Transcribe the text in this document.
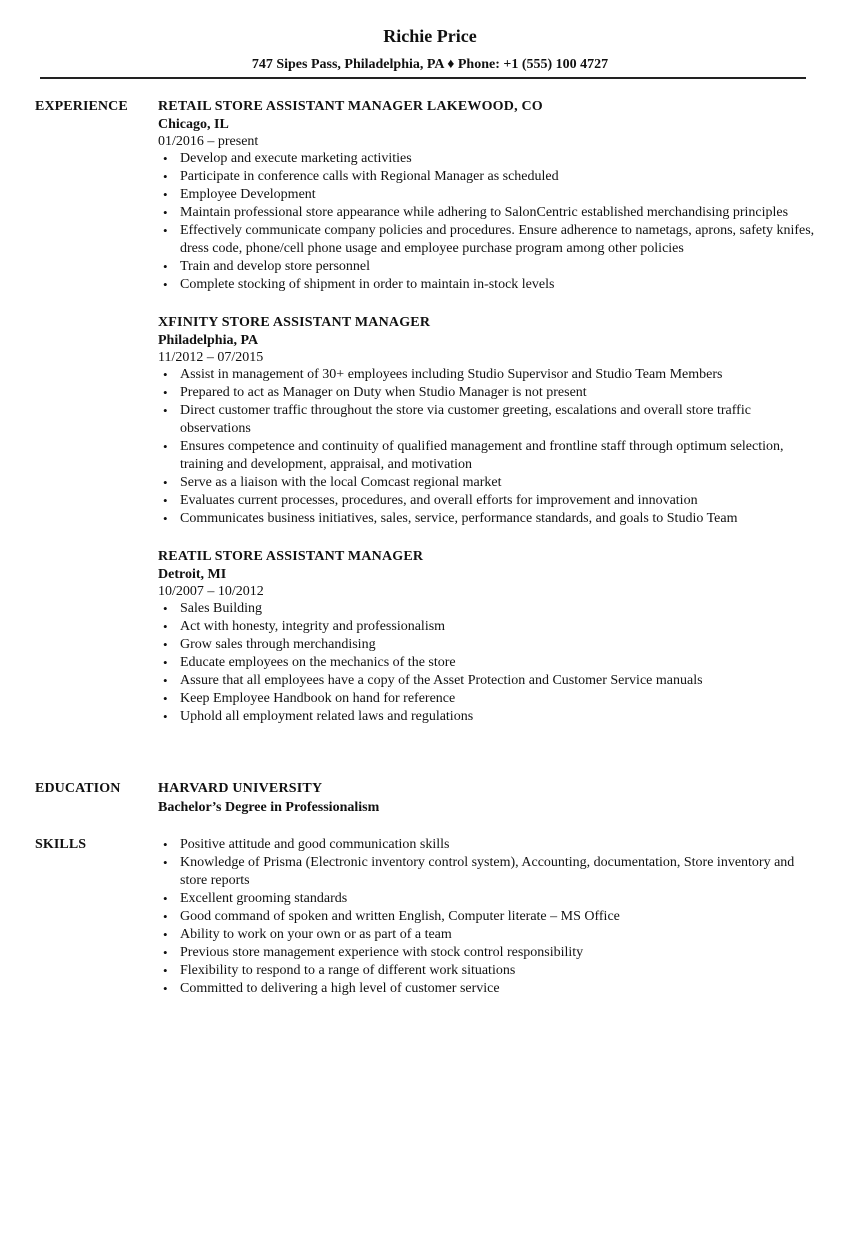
Richie Price
747 Sipes Pass, Philadelphia, PA ♦ Phone: +1 (555) 100 4727
EXPERIENCE RETAIL STORE ASSISTANT MANAGER LAKEWOOD, CO
Chicago, IL
01/2016 – present
• Develop and execute marketing activities
• Participate in conference calls with Regional Manager as scheduled
• Employee Development
• Maintain professional store appearance while adhering to SalonCentric established merchandising principles
• Effectively communicate company policies and procedures. Ensure adherence to nametags, aprons, safety knifes, dress code, phone/cell phone usage and employee purchase program among other policies
• Train and develop store personnel
• Complete stocking of shipment in order to maintain in-stock levels
XFINITY STORE ASSISTANT MANAGER
Philadelphia, PA
11/2012 – 07/2015
• Assist in management of 30+ employees including Studio Supervisor and Studio Team Members
• Prepared to act as Manager on Duty when Studio Manager is not present
• Direct customer traffic throughout the store via customer greeting, escalations and overall store traffic observations
• Ensures competence and continuity of qualified management and frontline staff through optimum selection, training and development, appraisal, and motivation
• Serve as a liaison with the local Comcast regional market
• Evaluates current processes, procedures, and overall efforts for improvement and innovation
• Communicates business initiatives, sales, service, performance standards, and goals to Studio Team
REATIL STORE ASSISTANT MANAGER
Detroit, MI
10/2007 – 10/2012
• Sales Building
• Act with honesty, integrity and professionalism
• Grow sales through merchandising
• Educate employees on the mechanics of the store
• Assure that all employees have a copy of the Asset Protection and Customer Service manuals
• Keep Employee Handbook on hand for reference
• Uphold all employment related laws and regulations
EDUCATION	HARVARD UNIVERSITY
Bachelor’s Degree in Professionalism
SKILLS
•	Positive attitude and good communication skills
• Knowledge of Prisma (Electronic inventory control system), Accounting, documentation, Store inventory and store reports
• Excellent grooming standards
• Good command of spoken and written English, Computer literate – MS Office
• Ability to work on your own or as part of a team
• Previous store management experience with stock control responsibility
• Flexibility to respond to a range of different work situations
• Committed to delivering a high level of customer service
